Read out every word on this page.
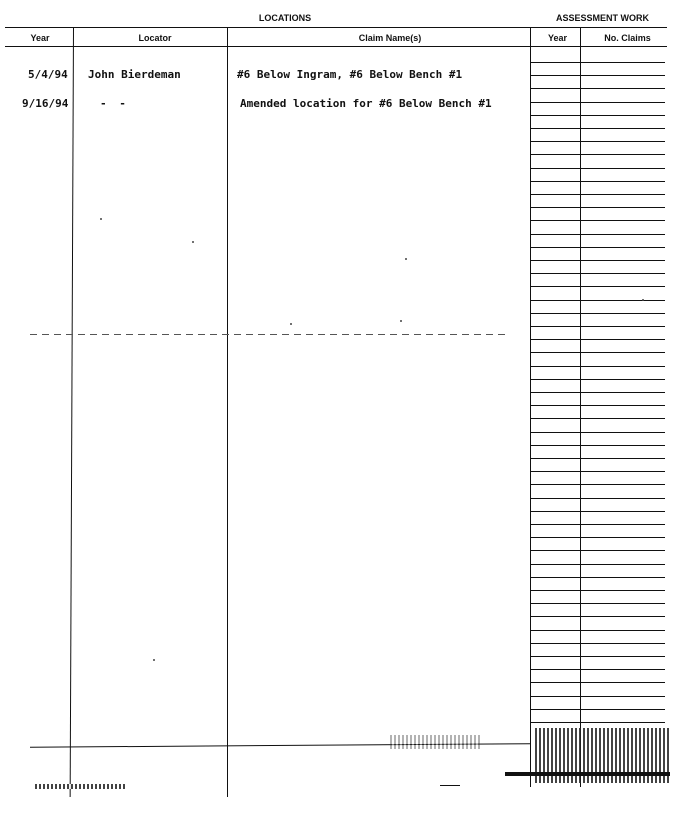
LOCATIONS	ASSESSMENT WORK
Year	Locator	Claim Name(s)	Year	No. Claims
5/4/94 John Bierdeman	#6 Below Ingram, #6 Below Bench #1
9/16/94	- -	Amended location for #6 Below Bench #1
